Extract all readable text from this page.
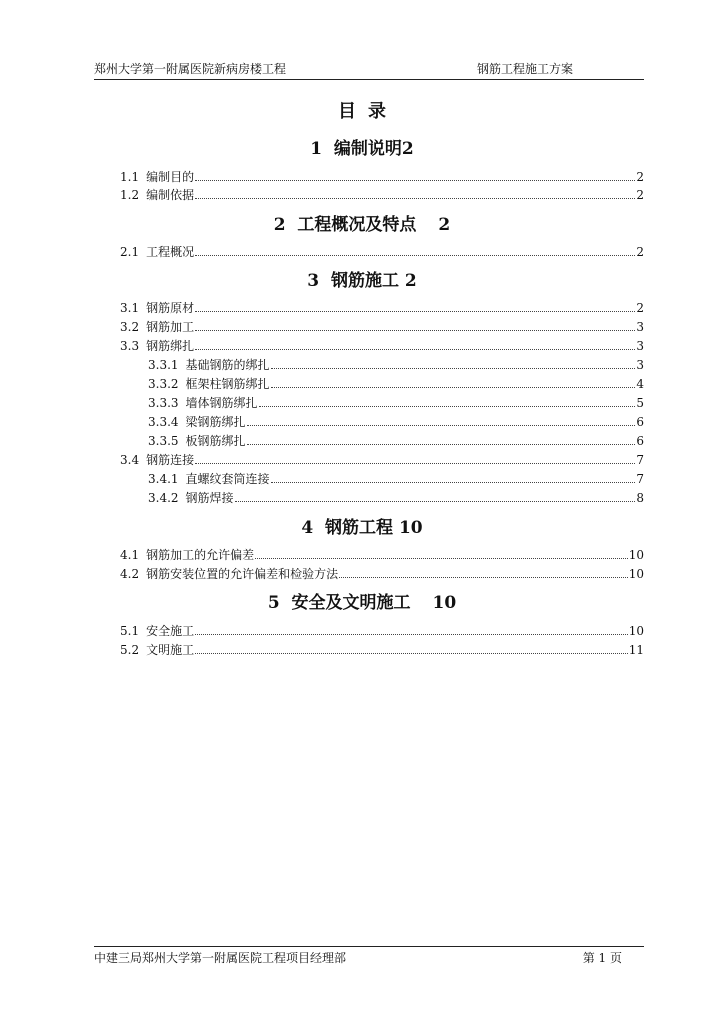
郑州大学第一附属医院新病房楼工程	钢筋工程施工方案
目 录
1 编制说明2
1.1 编制目的	2
1.2 编制依据	2
2 工程概况及特点 2
2.1 工程概况	2
3 钢筋施工 2
3.1 钢筋原材	2
3.2 钢筋加工	3
3.3 钢筋绑扎	3
3.3.1 基础钢筋的绑扎	3
3.3.2 框架柱钢筋绑扎	4
3.3.3 墙体钢筋绑扎	5
3.3.4 梁钢筋绑扎	6
3.3.5 板钢筋绑扎	6
3.4 钢筋连接	7
3.4.1 直螺纹套筒连接	7
3.4.2 钢筋焊接	8
4 钢筋工程 10
4.1 钢筋加工的允许偏差	10
4.2 钢筋安装位置的允许偏差和检验方法	10
5 安全及文明施工 10
5.1 安全施工	10
5.2 文明施工	11
中建三局郑州大学第一附属医院工程项目经理部	第 1 页
